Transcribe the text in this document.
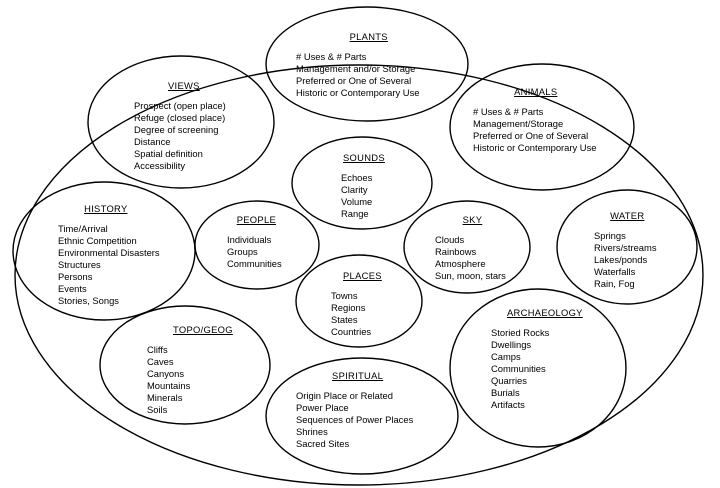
PLANTS
# Uses & # Parts
Management and/or Storage
Preferred or One of Several
Historic or Contemporary Use
VIEWS
Prospect (open place)
Refuge (closed place)
Degree of screening
Distance
Spatial definition
Accessibility
ANIMALS
# Uses & # Parts
Management/Storage
Preferred or One of Several
Historic or Contemporary Use
SOUNDS
Echoes
Clarity
Volume
Range
HISTORY
Time/Arrival
Ethnic Competition
Environmental Disasters
Structures
Persons
Events
Stories, Songs
PEOPLE
Individuals
Groups
Communities
SKY
Clouds
Rainbows
Atmosphere
Sun, moon, stars
WATER
Springs
Rivers/streams
Lakes/ponds
Waterfalls
Rain, Fog
PLACES
Towns
Regions
States
Countries
ARCHAEOLOGY
Storied Rocks
Dwellings
Camps
Communities
Quarries
Burials
Artifacts
TOPO/GEOG
Cliffs
Caves
Canyons
Mountains
Minerals
Soils
SPIRITUAL
Origin Place or Related
Power Place
Sequences of Power Places
Shrines
Sacred Sites
